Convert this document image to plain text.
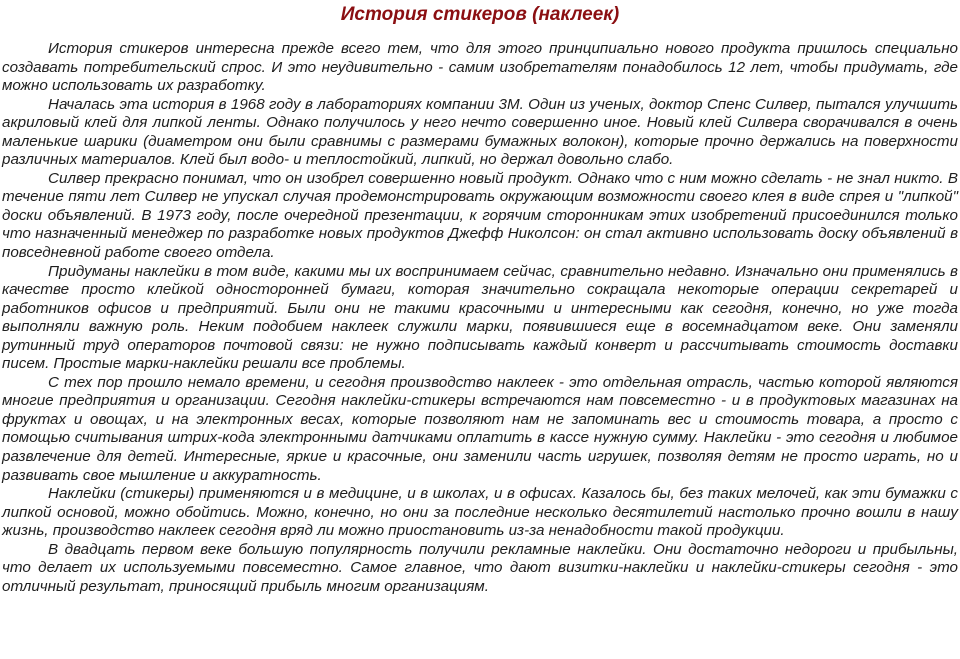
История стикеров (наклеек)

История стикеров интересна прежде всего тем, что для этого принципиально нового продукта пришлось специально создавать потребительский спрос. И это неудивительно - самим изобретателям понадобилось 12 лет, чтобы придумать, где можно использовать их разработку.

Началась эта история в 1968 году в лабораториях компании 3M. Один из ученых, доктор Спенс Силвер, пытался улучшить акриловый клей для липкой ленты. Однако получилось у него нечто совершенно иное. Новый клей Силвера сворачивался в очень маленькие шарики (диаметром они были сравнимы с размерами бумажных волокон), которые прочно держались на поверхности различных материалов. Клей был водо- и теплостойкий, липкий, но держал довольно слабо.

Силвер прекрасно понимал, что он изобрел совершенно новый продукт. Однако что с ним можно сделать - не знал никто. В течение пяти лет Силвер не упускал случая продемонстрировать окружающим возможности своего клея в виде спрея и "липкой" доски объявлений. В 1973 году, после очередной презентации, к горячим сторонникам этих изобретений присоединился только что назначенный менеджер по разработке новых продуктов Джефф Николсон: он стал активно использовать доску объявлений в повседневной работе своего отдела.

Придуманы наклейки в том виде, какими мы их воспринимаем сейчас, сравнительно недавно. Изначально они применялись в качестве просто клейкой односторонней бумаги, которая значительно сокращала некоторые операции секретарей и работников офисов и предприятий. Были они не такими красочными и интересными как сегодня, конечно, но уже тогда выполняли важную роль. Неким подобием наклеек служили марки, появившиеся еще в восемнадцатом веке. Они заменяли рутинный труд операторов почтовой связи: не нужно подписывать каждый конверт и рассчитывать стоимость доставки писем. Простые марки-наклейки решали все проблемы.

С тех пор прошло немало времени, и сегодня производство наклеек - это отдельная отрасль, частью которой являются многие предприятия и организации. Сегодня наклейки-стикеры встречаются нам повсеместно - и в продуктовых магазинах на фруктах и овощах, и на электронных весах, которые позволяют нам не запоминать вес и стоимость товара, а просто с помощью считывания штрих-кода электронными датчиками оплатить в кассе нужную сумму. Наклейки - это сегодня и любимое развлечение для детей. Интересные, яркие и красочные, они заменили часть игрушек, позволяя детям не просто играть, но и развивать свое мышление и аккуратность.

Наклейки (стикеры) применяются и в медицине, и в школах, и в офисах. Казалось бы, без таких мелочей, как эти бумажки с липкой основой, можно обойтись. Можно, конечно, но они за последние несколько десятилетий настолько прочно вошли в нашу жизнь, производство наклеек сегодня вряд ли можно приостановить из-за ненадобности такой продукции.

В двадцать первом веке большую популярность получили рекламные наклейки. Они достаточно недороги и прибыльны, что делает их используемыми повсеместно. Самое главное, что дают визитки-наклейки и наклейки-стикеры сегодня - это отличный результат, приносящий прибыль многим организациям.
